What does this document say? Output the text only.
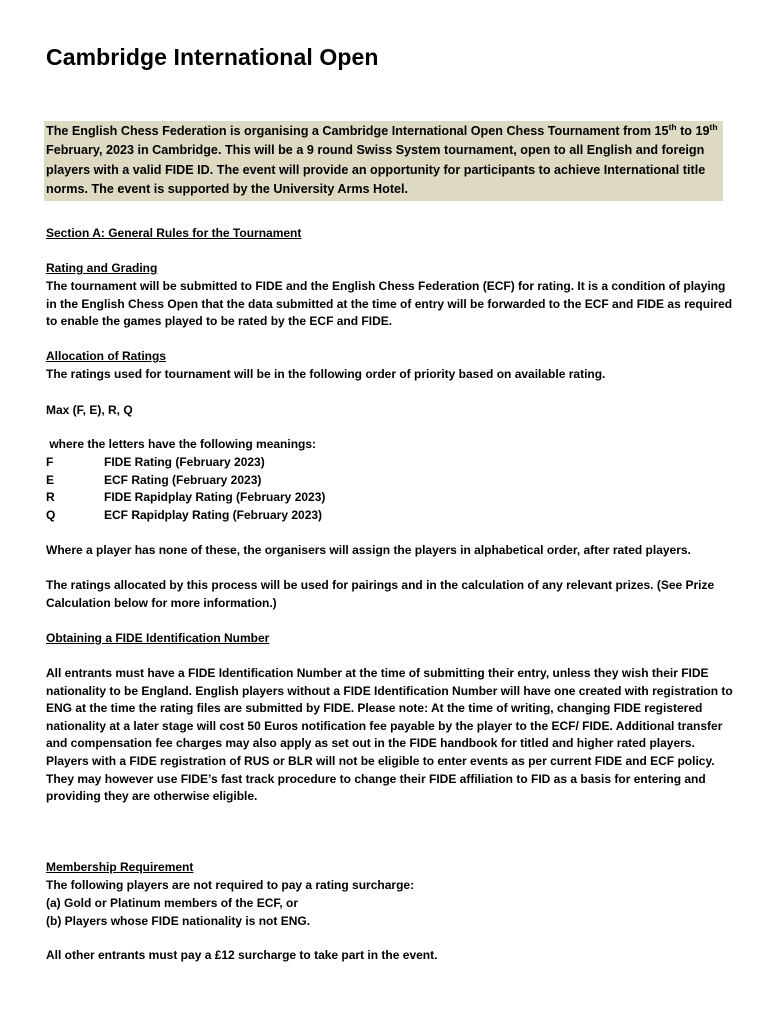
Cambridge International Open
The English Chess Federation is organising a Cambridge International Open Chess Tournament from 15th to 19th February, 2023 in Cambridge. This will be a 9 round Swiss System tournament, open to all English and foreign players with a valid FIDE ID. The event will provide an opportunity for participants to achieve International title norms. The event is supported by the University Arms Hotel.
Section A: General Rules for the Tournament
Rating and Grading
The tournament will be submitted to FIDE and the English Chess Federation (ECF) for rating. It is a condition of playing in the English Chess Open that the data submitted at the time of entry will be forwarded to the ECF and FIDE as required to enable the games played to be rated by the ECF and FIDE.
Allocation of Ratings
The ratings used for tournament will be in the following order of priority based on available rating.
Max (F, E), R, Q
where the letters have the following meanings:
F	FIDE Rating (February 2023)
E	ECF Rating (February 2023)
R	FIDE Rapidplay Rating (February 2023)
Q	ECF Rapidplay Rating (February 2023)
Where a player has none of these, the organisers will assign the players in alphabetical order, after rated players.
The ratings allocated by this process will be used for pairings and in the calculation of any relevant prizes. (See Prize Calculation below for more information.)
Obtaining a FIDE Identification Number
All entrants must have a FIDE Identification Number at the time of submitting their entry, unless they wish their FIDE nationality to be England. English players without a FIDE Identification Number will have one created with registration to ENG at the time the rating files are submitted by FIDE. Please note: At the time of writing, changing FIDE registered nationality at a later stage will cost 50 Euros notification fee payable by the player to the ECF/ FIDE. Additional transfer and compensation fee charges may also apply as set out in the FIDE handbook for titled and higher rated players. Players with a FIDE registration of RUS or BLR will not be eligible to enter events as per current FIDE and ECF policy. They may however use FIDE’s fast track procedure to change their FIDE affiliation to FID as a basis for entering and providing they are otherwise eligible.
Membership Requirement
The following players are not required to pay a rating surcharge:
(a) Gold or Platinum members of the ECF, or
(b) Players whose FIDE nationality is not ENG.
All other entrants must pay a £12 surcharge to take part in the event.
